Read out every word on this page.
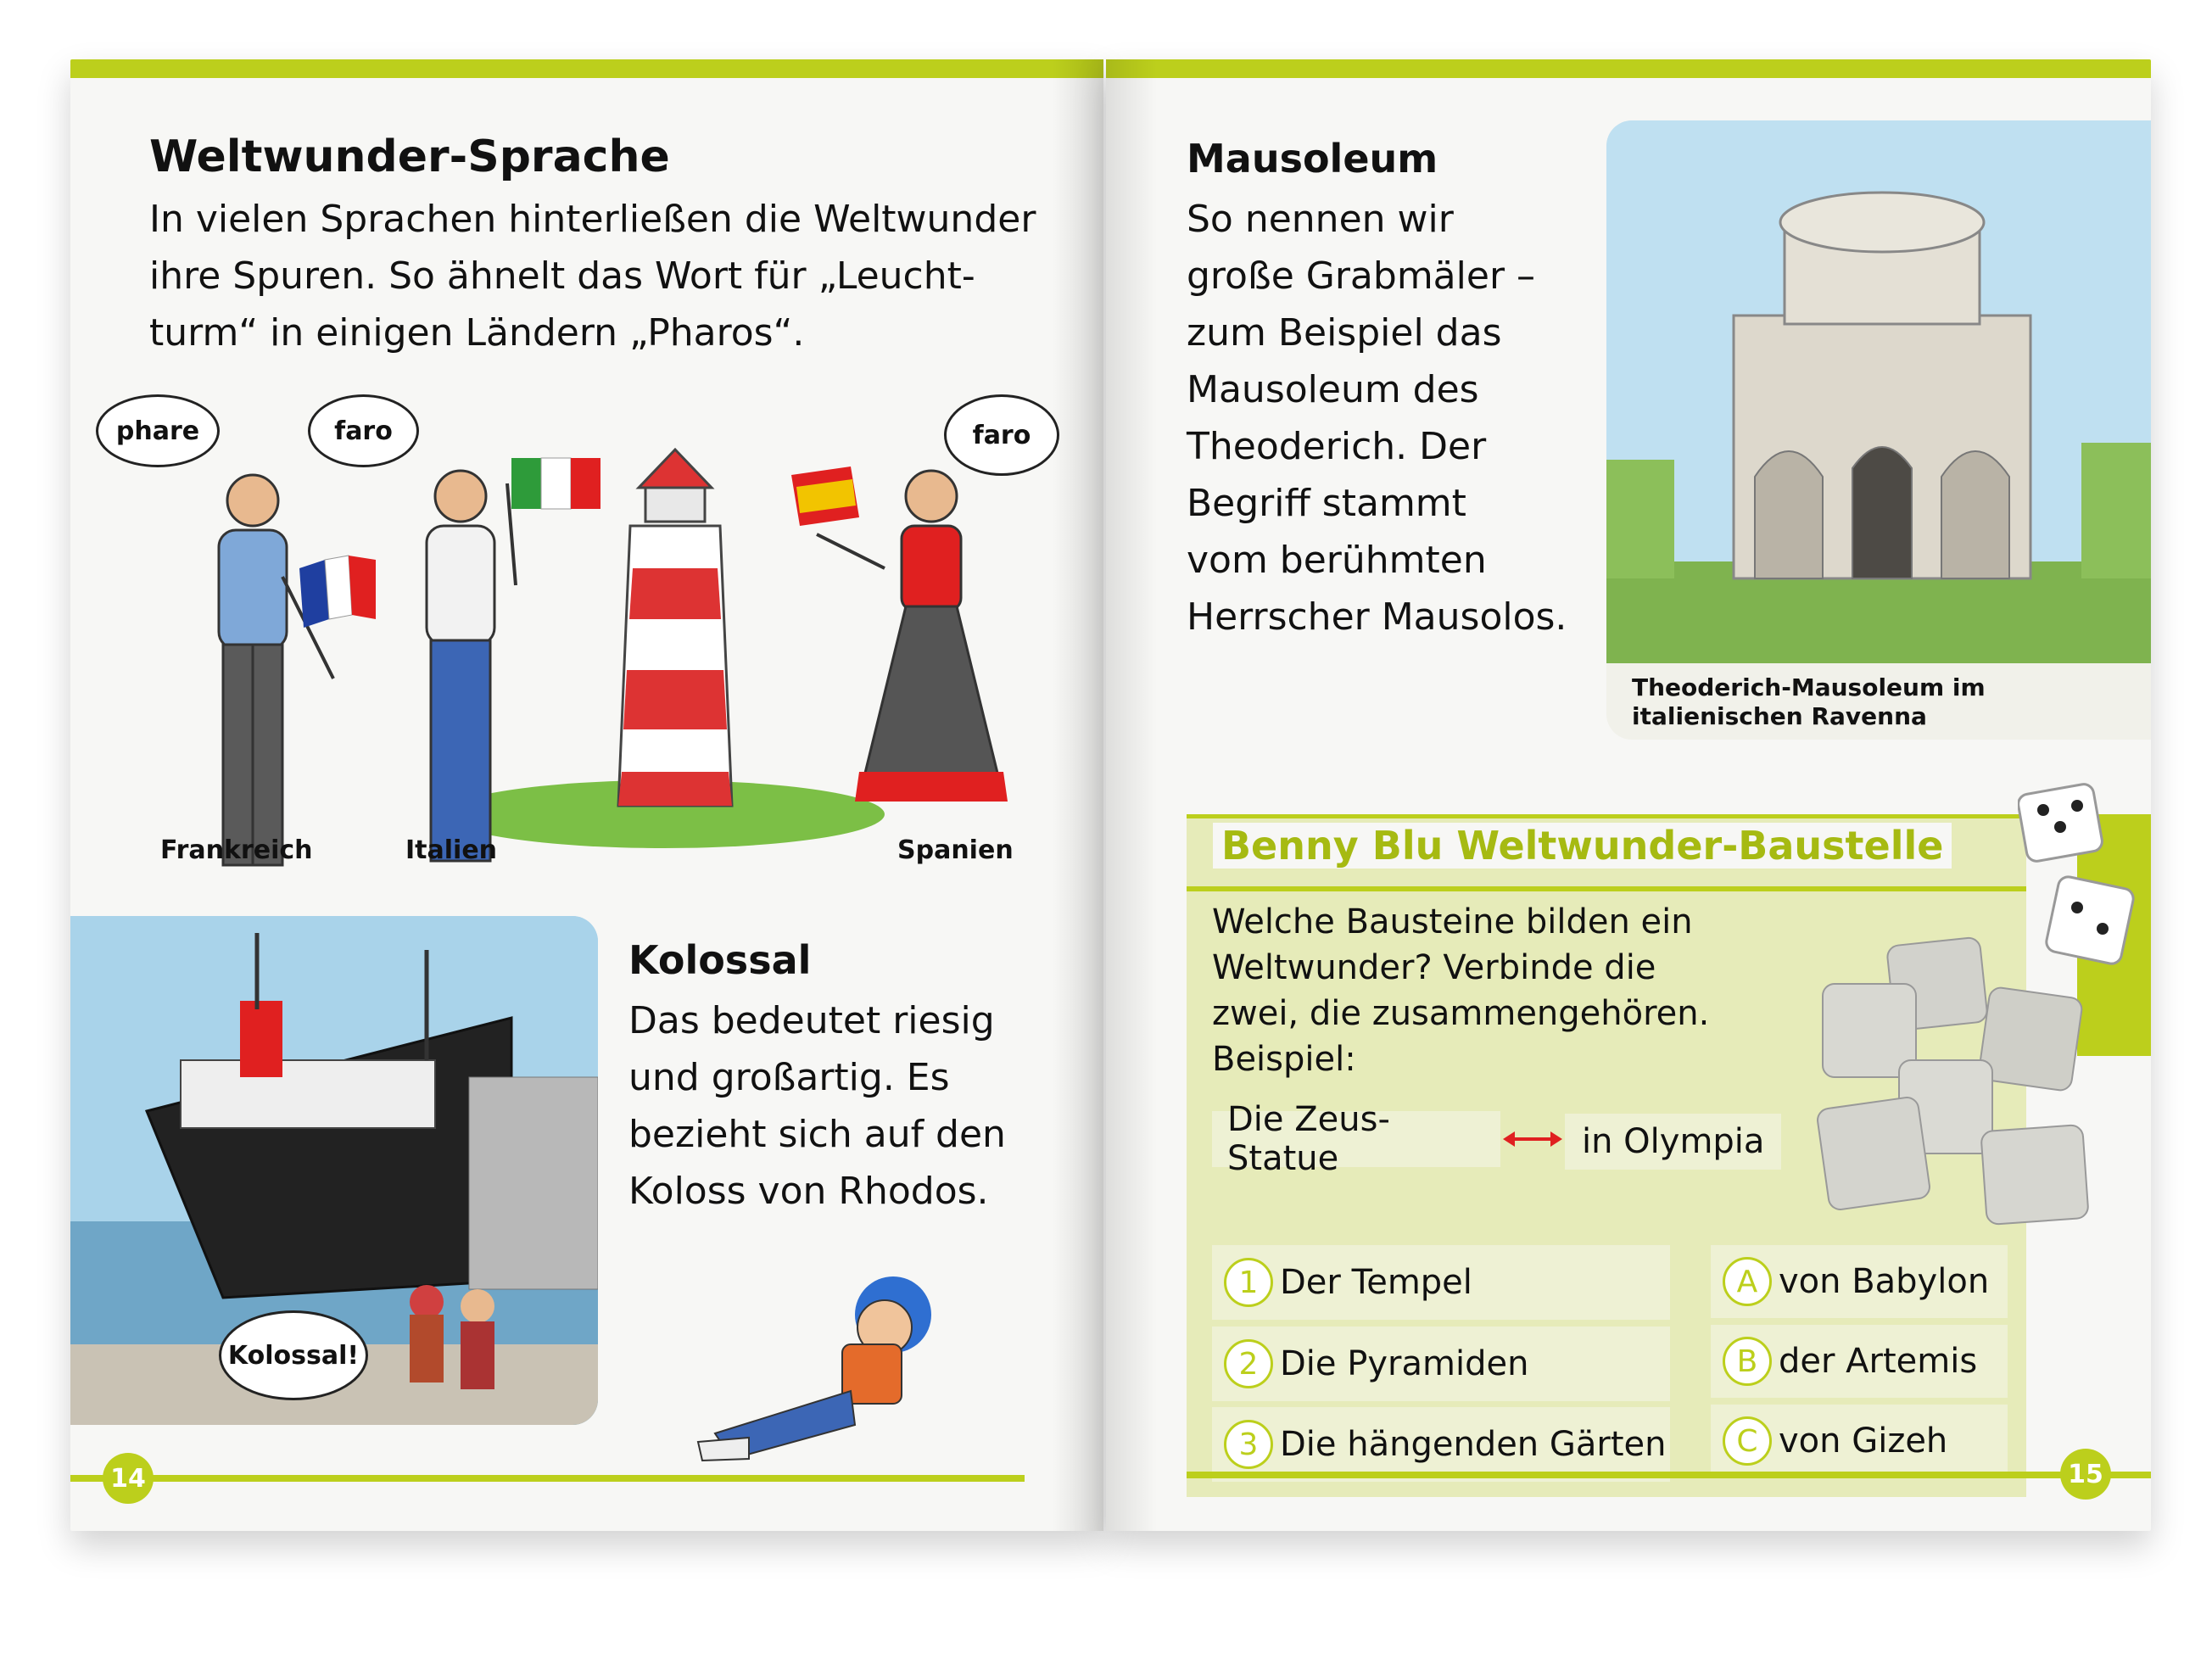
Weltwunder-Sprache

In vielen Sprachen hinterließen die Weltwunder

ihre Spuren. So ähnelt das Wort für „Leucht-

turm“ in einigen Ländern „Pharos“.

phare	faro	faro
Frankreich	Italien	Spanien
Kolossal!
Kolossal

Das bedeutet riesig

und großartig. Es

bezieht sich auf den

Koloss von Rhodos.

14
Mausoleum

So nennen wir

große Grabmäler –

zum Beispiel das

Mausoleum des

Theoderich. Der

Begriff stammt

vom berühmten

Herrscher Mausolos.

Theoderich-Mausoleum im
italienischen Ravenna
Benny Blu Weltwunder-Baustelle
Welche Bausteine bilden ein
Weltwunder? Verbinde die
zwei, die zusammengehören.
Beispiel:
Die Zeus-Statue	in Olympia
1 Der Tempel
2 Die Pyramiden
3 Die hängenden Gärten
A von Babylon
B der Artemis
C von Gizeh
15
